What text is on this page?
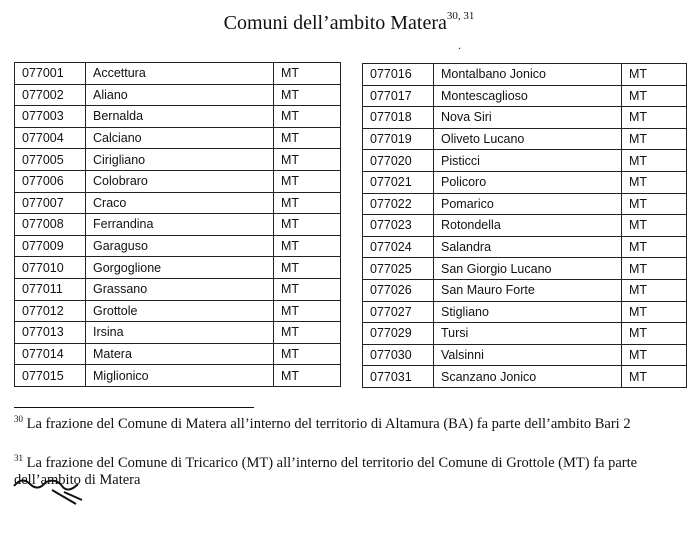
Comuni dell’ambito Matera$^{30, 31}$
.
077001	Accettura	MT
077002	Aliano	MT
077003	Bernalda	MT
077004	Calciano	MT
077005	Cirigliano	MT
077006	Colobraro	MT
077007	Craco	MT
077008	Ferrandina	MT
077009	Garaguso	MT
077010	Gorgoglione	MT
077011	Grassano	MT
077012	Grottole	MT
077013	Irsina	MT
077014	Matera	MT
077015	Miglionico	MT
077016	Montalbano Jonico	MT
077017	Montescaglioso	MT
077018	Nova Siri	MT
077019	Oliveto Lucano	MT
077020	Pisticci	MT
077021	Policoro	MT
077022	Pomarico	MT
077023	Rotondella	MT
077024	Salandra	MT
077025	San Giorgio Lucano	MT
077026	San Mauro Forte	MT
077027	Stigliano	MT
077029	Tursi	MT
077030	Valsinni	MT
077031	Scanzano Jonico	MT
$^{30}$ La frazione del Comune di Matera all’interno del territorio di Altamura (BA) fa parte dell’ambito Bari 2
$^{31}$ La frazione del Comune di Tricarico (MT) all’interno del territorio del Comune di Grottole (MT) fa parte dell’ambito di Matera
